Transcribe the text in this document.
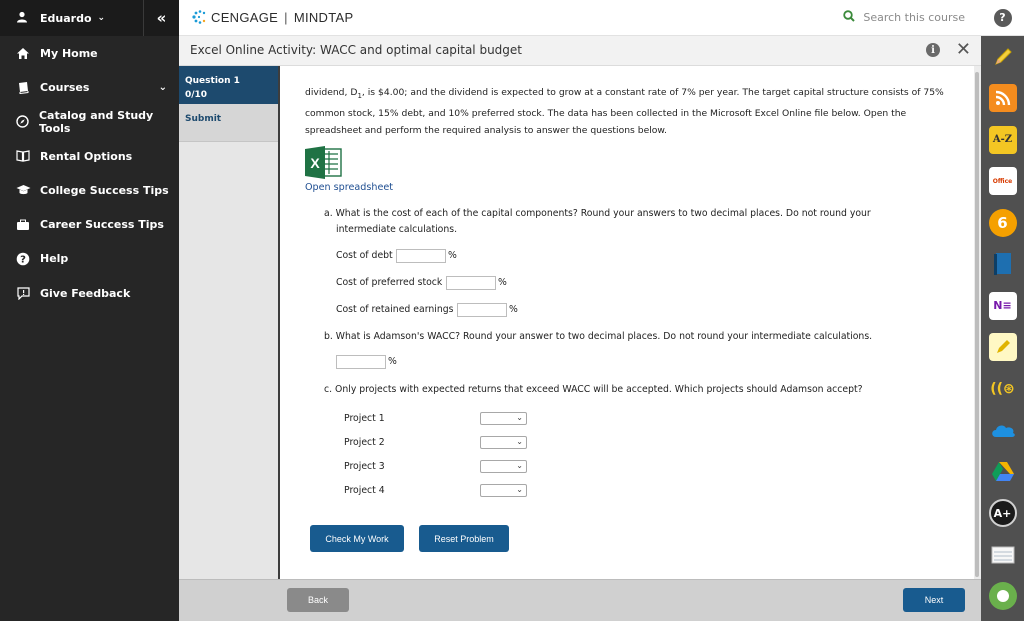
Eduardo ⌄	«
My Home
Courses	⌄
Catalog and Study Tools
Rental Options
College Success Tips
Career Success Tips
? Help
Give Feedback
CENGAGE | MINDTAP	Search this course	?
A-Z
Office
6
N≡
((⊛
A+
Excel Online Activity: WACC and optimal capital budget	i ✕
Question 1
0/10
Submit
dividend, $D_1$, is $4.00; and the dividend is expected to grow at a constant rate of 7% per year. The target capital structure consists of 75% common stock, 15% debt, and 10% preferred stock. The data has been collected in the Microsoft Excel Online file below. Open the spreadsheet and perform the required analysis to answer the questions below.
X
Open spreadsheet
a. What is the cost of each of the capital components? Round your answers to two decimal places. Do not round your
intermediate calculations.
Cost of debt	%
Cost of preferred stock	%
Cost of retained earnings	%
b. What is Adamson's WACC? Round your answer to two decimal places. Do not round your intermediate calculations.
%
c. Only projects with expected returns that exceed WACC will be accepted. Which projects should Adamson accept?
Project 1	⌄
Project 2	⌄
Project 3	⌄
Project 4	⌄
Check My Work	Reset Problem
Back	Next
